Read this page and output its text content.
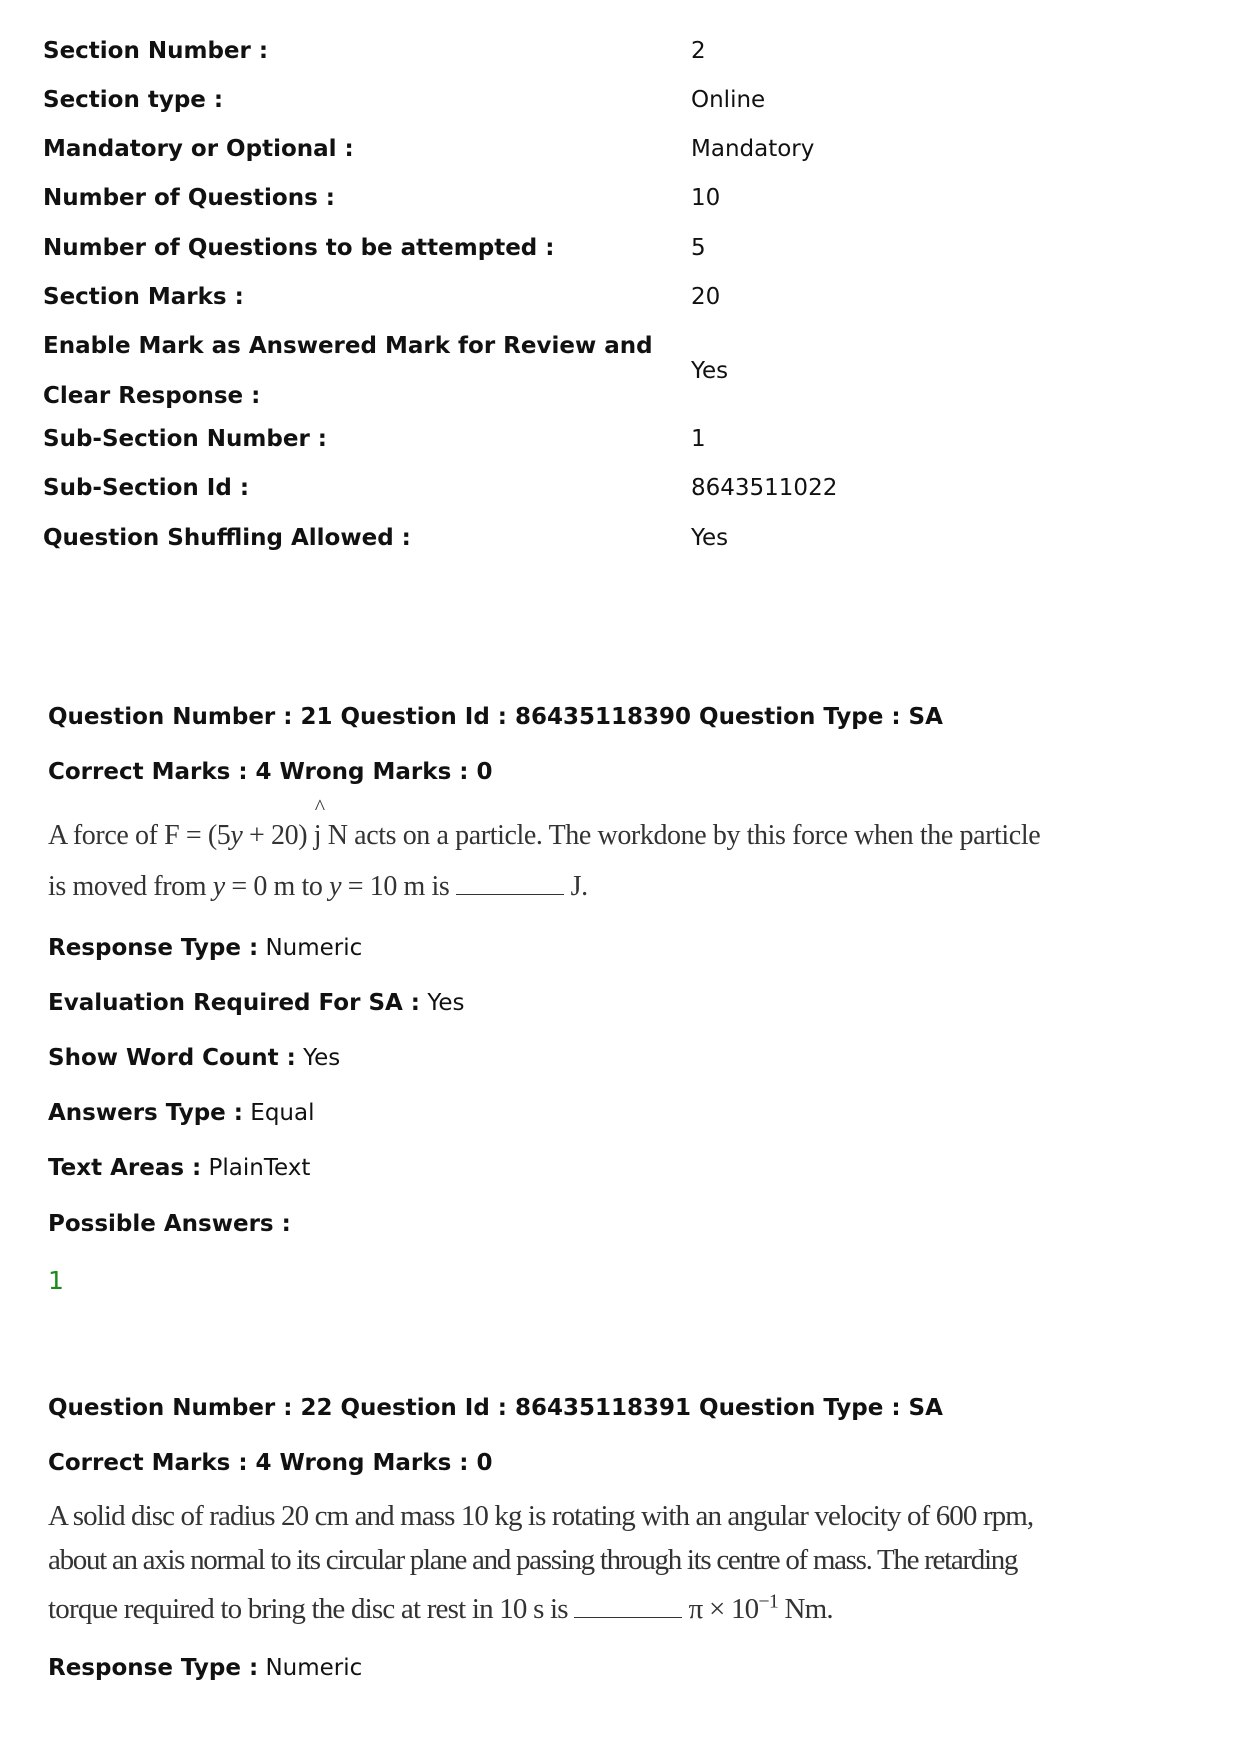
Section Number :	2
Section type :	Online
Mandatory or Optional :	Mandatory
Number of Questions :	10
Number of Questions to be attempted :	5
Section Marks :	20
Enable Mark as Answered Mark for Review and
Clear Response :
Yes
Sub-Section Number :	1
Sub-Section Id :	8643511022
Question Shuffling Allowed :	Yes
Question Number : 21 Question Id : 86435118390 Question Type : SA
Correct Marks : 4 Wrong Marks : 0
A force of F = (5y + 20) ^ j N acts on a particle. The workdone by this force when the particle
is moved from y = 0 m to y = 10 m is	J.
Response Type : Numeric
Evaluation Required For SA : Yes
Show Word Count : Yes
Answers Type : Equal
Text Areas : PlainText
Possible Answers :
1
Question Number : 22 Question Id : 86435118391 Question Type : SA
Correct Marks : 4 Wrong Marks : 0
A solid disc of radius 20 cm and mass 10 kg is rotating with an angular velocity of 600 rpm,
about an axis normal to its circular plane and passing through its centre of mass. The retarding
torque required to bring the disc at rest in 10 s is	$\pi \times 10^{-1}$ Nm.
Response Type : Numeric
